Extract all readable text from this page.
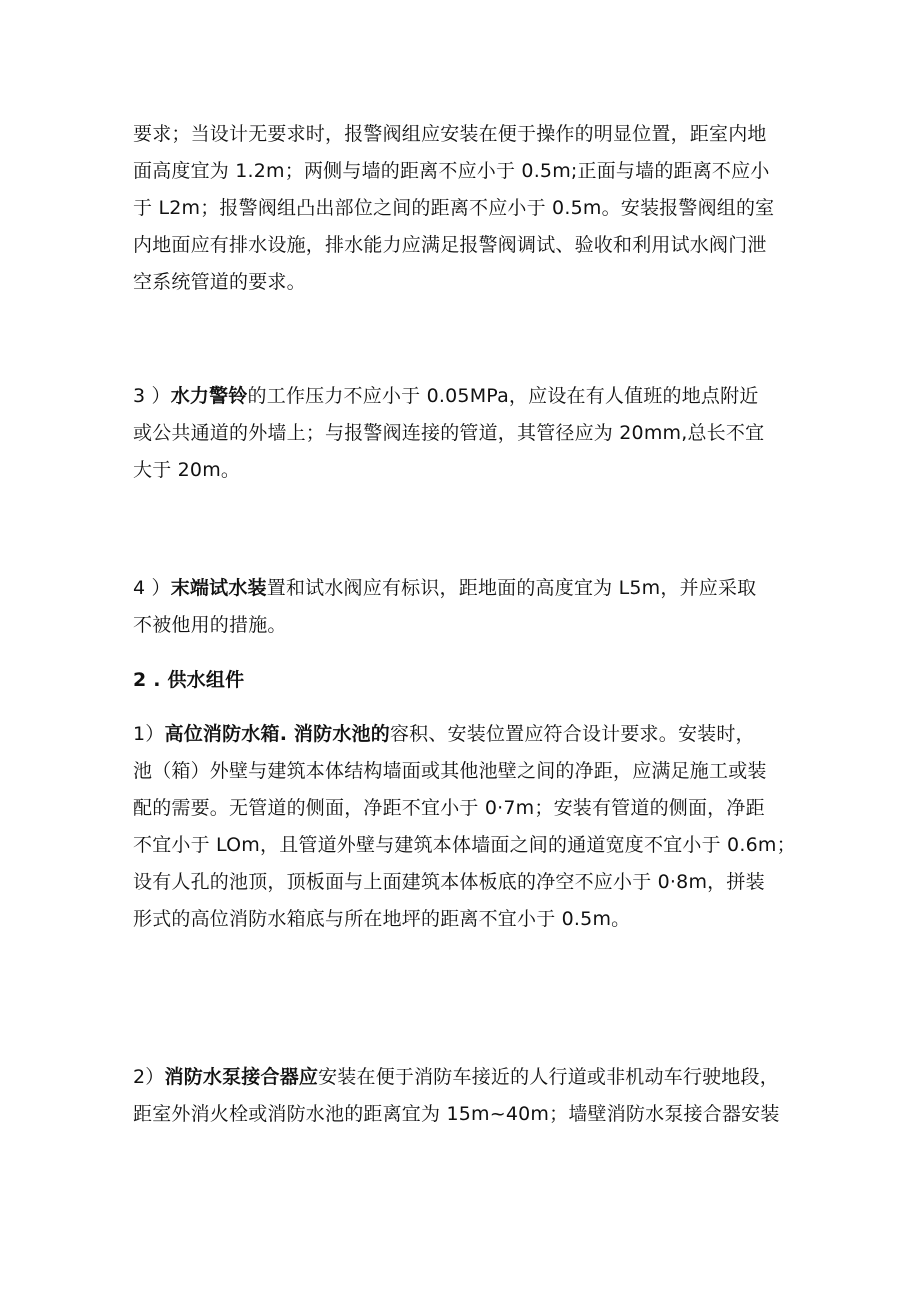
要求；当设计无要求时，报警阀组应安装在便于操作的明显位置，距室内地
面高度宜为 1.2m；两侧与墙的距离不应小于 0.5m;正面与墙的距离不应小
于 L2m；报警阀组凸出部位之间的距离不应小于 0.5m。安装报警阀组的室
内地面应有排水设施，排水能力应满足报警阀调试、验收和利用试水阀门泄
空系统管道的要求。

3 ）水力警铃的工作压力不应小于 0.05MPa，应设在有人值班的地点附近
或公共通道的外墙上；与报警阀连接的管道，其管径应为 20mm,总长不宜
大于 20m。

4 ）末端试水装置和试水阀应有标识，距地面的高度宜为 L5m，并应采取
不被他用的措施。

2 . 供水组件

1）高位消防水箱. 消防水池的容积、安装位置应符合设计要求。安装时，
池（箱）外壁与建筑本体结构墙面或其他池壁之间的净距，应满足施工或装
配的需要。无管道的侧面，净距不宜小于 0·7m；安装有管道的侧面，净距
不宜小于 LOm，且管道外壁与建筑本体墙面之间的通道宽度不宜小于 0.6m；
设有人孔的池顶，顶板面与上面建筑本体板底的净空不应小于 0·8m，拼装
形式的高位消防水箱底与所在地坪的距离不宜小于 0.5m。

2）消防水泵接合器应安装在便于消防车接近的人行道或非机动车行驶地段，
距室外消火栓或消防水池的距离宜为 15m~40m；墙壁消防水泵接合器安装
